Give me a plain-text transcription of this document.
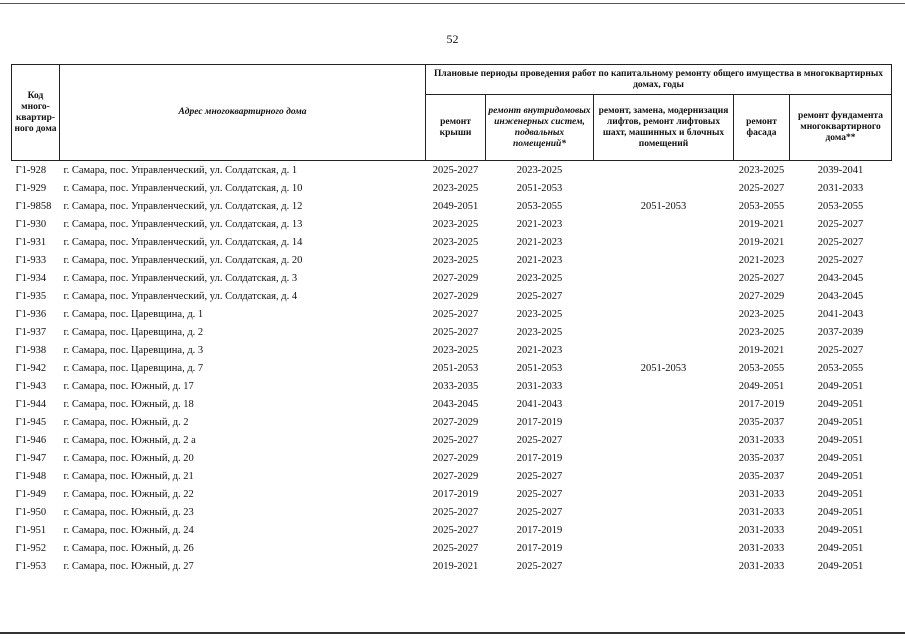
52
Код много-квартир-ного дома	Адрес многоквартирного дома	Плановые периоды проведения работ по капитальному ремонту общего имущества в многоквартирных домах, годы				
		ремонт крыши	ремонт внутридомовых инженерных систем, подвальных помещений*	ремонт, замена, модернизация лифтов, ремонт лифтовых шахт, машинных и блочных помещений	ремонт фасада	ремонт фундамента многоквартирного дома**
Г1-928	г. Самара, пос. Управленческий, ул. Солдатская, д. 1	2025-2027	2023-2025		2023-2025	2039-2041
Г1-929	г. Самара, пос. Управленческий, ул. Солдатская, д. 10	2023-2025	2051-2053		2025-2027	2031-2033
Г1-9858	г. Самара, пос. Управленческий, ул. Солдатская, д. 12	2049-2051	2053-2055	2051-2053	2053-2055	2053-2055
Г1-930	г. Самара, пос. Управленческий, ул. Солдатская, д. 13	2023-2025	2021-2023		2019-2021	2025-2027
Г1-931	г. Самара, пос. Управленческий, ул. Солдатская, д. 14	2023-2025	2021-2023		2019-2021	2025-2027
Г1-933	г. Самара, пос. Управленческий, ул. Солдатская, д. 20	2023-2025	2021-2023		2021-2023	2025-2027
Г1-934	г. Самара, пос. Управленческий, ул. Солдатская, д. 3	2027-2029	2023-2025		2025-2027	2043-2045
Г1-935	г. Самара, пос. Управленческий, ул. Солдатская, д. 4	2027-2029	2025-2027		2027-2029	2043-2045
Г1-936	г. Самара, пос. Царевщина, д. 1	2025-2027	2023-2025		2023-2025	2041-2043
Г1-937	г. Самара, пос. Царевщина, д. 2	2025-2027	2023-2025		2023-2025	2037-2039
Г1-938	г. Самара, пос. Царевщина, д. 3	2023-2025	2021-2023		2019-2021	2025-2027
Г1-942	г. Самара, пос. Царевщина, д. 7	2051-2053	2051-2053	2051-2053	2053-2055	2053-2055
Г1-943	г. Самара, пос. Южный, д. 17	2033-2035	2031-2033		2049-2051	2049-2051
Г1-944	г. Самара, пос. Южный, д. 18	2043-2045	2041-2043		2017-2019	2049-2051
Г1-945	г. Самара, пос. Южный, д. 2	2027-2029	2017-2019		2035-2037	2049-2051
Г1-946	г. Самара, пос. Южный, д. 2 а	2025-2027	2025-2027		2031-2033	2049-2051
Г1-947	г. Самара, пос. Южный, д. 20	2027-2029	2017-2019		2035-2037	2049-2051
Г1-948	г. Самара, пос. Южный, д. 21	2027-2029	2025-2027		2035-2037	2049-2051
Г1-949	г. Самара, пос. Южный, д. 22	2017-2019	2025-2027		2031-2033	2049-2051
Г1-950	г. Самара, пос. Южный, д. 23	2025-2027	2025-2027		2031-2033	2049-2051
Г1-951	г. Самара, пос. Южный, д. 24	2025-2027	2017-2019		2031-2033	2049-2051
Г1-952	г. Самара, пос. Южный, д. 26	2025-2027	2017-2019		2031-2033	2049-2051
Г1-953	г. Самара, пос. Южный, д. 27	2019-2021	2025-2027		2031-2033	2049-2051
